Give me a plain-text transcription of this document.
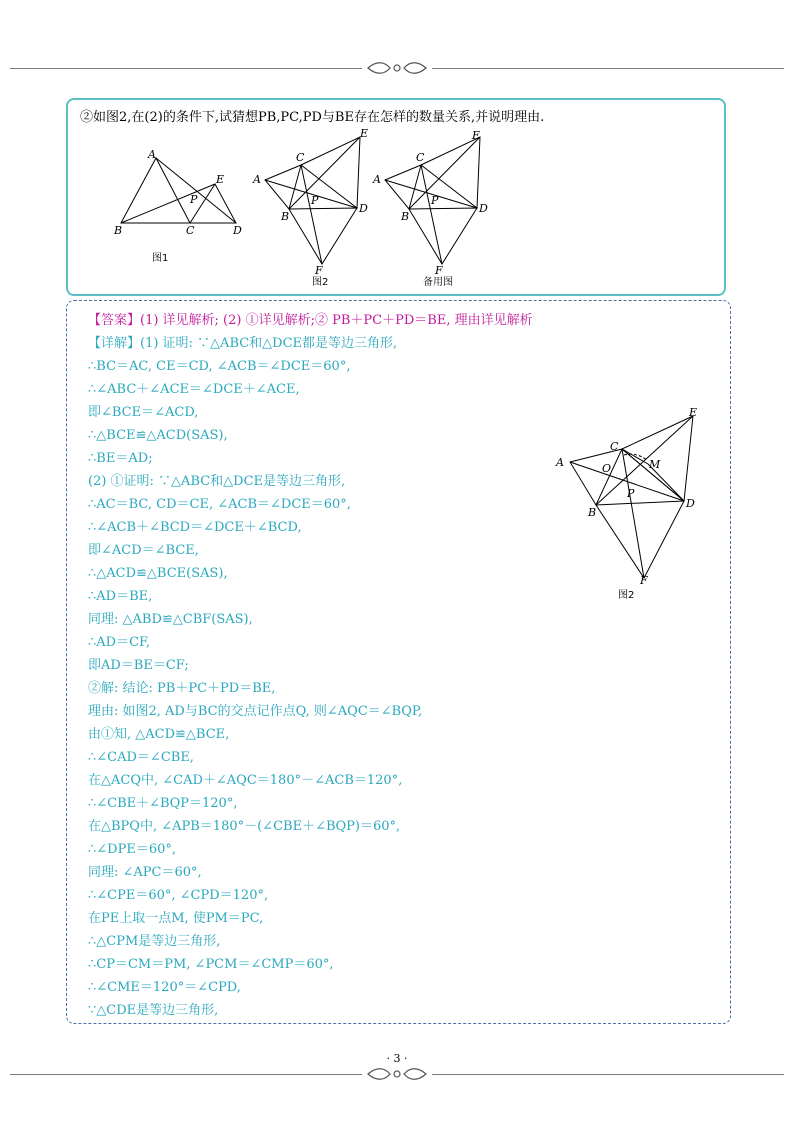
②如图2,在(2)的条件下,试猜想PB,PC,PD与BE存在怎样的数量关系,并说明理由.
A
B	C	D
E
P
图1
A
B
C
D
E
F
P
图2
A
B
C
D
E
F
P
备用图
【答案】(1) 详见解析; (2) ①详见解析;② PB＋PC＋PD＝BE, 理由详见解析
【详解】(1) 证明: ∵△ABC和△DCE都是等边三角形,
∴BC＝AC, CE＝CD, ∠ACB＝∠DCE＝60°,
∴∠ABC＋∠ACE＝∠DCE＋∠ACE,
即∠BCE＝∠ACD,
∴△BCE≌△ACD(SAS),
∴BE＝AD;
(2) ①证明: ∵△ABC和△DCE是等边三角形,
∴AC＝BC, CD＝CE, ∠ACB＝∠DCE＝60°,
∴∠ACB＋∠BCD＝∠DCE＋∠BCD,
即∠ACD＝∠BCE,
∴△ACD≌△BCE(SAS),
∴AD＝BE,
同理: △ABD≌△CBF(SAS),
∴AD＝CF,
即AD＝BE＝CF;
②解: 结论: PB＋PC＋PD＝BE,
理由: 如图2, AD与BC的交点记作点Q, 则∠AQC＝∠BQP,
由①知, △ACD≌△BCE,
∴∠CAD＝∠CBE,
在△ACQ中, ∠CAD＋∠AQC＝180°－∠ACB＝120°,
∴∠CBE＋∠BQP＝120°,
在△BPQ中, ∠APB＝180°－(∠CBE＋∠BQP)＝60°,
∴∠DPE＝60°,
同理: ∠APC＝60°,
∴∠CPE＝60°, ∠CPD＝120°,
在PE上取一点M, 使PM＝PC,
∴△CPM是等边三角形,
∴CP＝CM＝PM, ∠PCM＝∠CMP＝60°,
∴∠CME＝120°＝∠CPD,
∵△CDE是等边三角形,
A
B
C
D
E
F
P
O	M
图2
· 3 ·
